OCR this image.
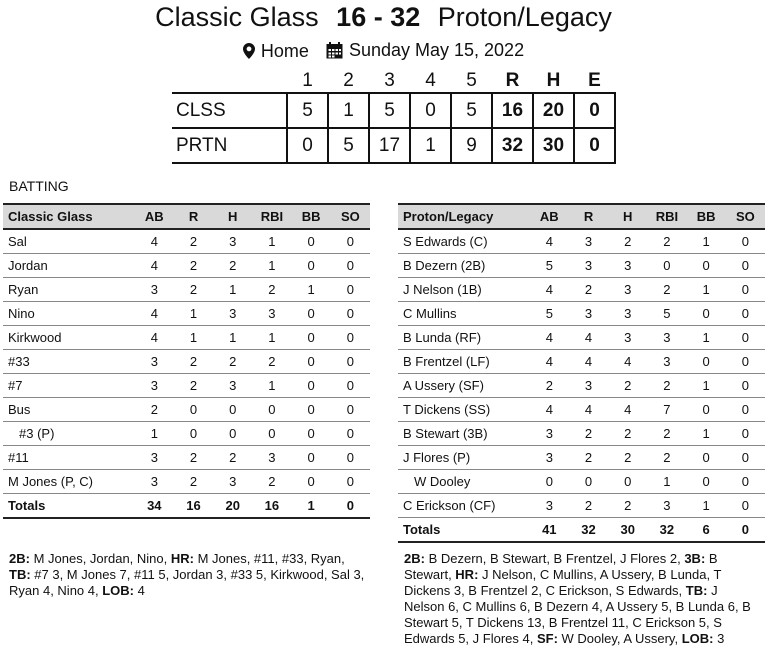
Classic Glass 16 - 32 Proton/Legacy
Home
Sunday May 15, 2022
	1	2	3	4	5	R	H	E
CLSS	5	1	5	0	5	16	20	0
PRTN	0	5	17	1	9	32	30	0
BATTING
Classic Glass	AB	R	H	RBI	BB	SO
Sal	4	2	3	1	0	0
Jordan	4	2	2	1	0	0
Ryan	3	2	1	2	1	0
Nino	4	1	3	3	0	0
Kirkwood	4	1	1	1	0	0
#33	3	2	2	2	0	0
#7	3	2	3	1	0	0
Bus	2	0	0	0	0	0
#3 (P)	1	0	0	0	0	0
#11	3	2	2	3	0	0
M Jones (P, C)	3	2	3	2	0	0
Totals	34	16	20	16	1	0
Proton/Legacy	AB	R	H	RBI	BB	SO
S Edwards (C)	4	3	2	2	1	0
B Dezern (2B)	5	3	3	0	0	0
J Nelson (1B)	4	2	3	2	1	0
C Mullins	5	3	3	5	0	0
B Lunda (RF)	4	4	3	3	1	0
B Frentzel (LF)	4	4	4	3	0	0
A Ussery (SF)	2	3	2	2	1	0
T Dickens (SS)	4	4	4	7	0	0
B Stewart (3B)	3	2	2	2	1	0
J Flores (P)	3	2	2	2	0	0
W Dooley	0	0	0	1	0	0
C Erickson (CF)	3	2	2	3	1	0
Totals	41	32	30	32	6	0
2B: M Jones, Jordan, Nino, HR: M Jones, #11, #33, Ryan, TB: #7 3, M Jones 7, #11 5, Jordan 3, #33 5, Kirkwood, Sal 3, Ryan 4, Nino 4, LOB: 4
2B: B Dezern, B Stewart, B Frentzel, J Flores 2, 3B: B Stewart, HR: J Nelson, C Mullins, A Ussery, B Lunda, T Dickens 3, B Frentzel 2, C Erickson, S Edwards, TB: J Nelson 6, C Mullins 6, B Dezern 4, A Ussery 5, B Lunda 6, B Stewart 5, T Dickens 13, B Frentzel 11, C Erickson 5, S Edwards 5, J Flores 4, SF: W Dooley, A Ussery, LOB: 3
